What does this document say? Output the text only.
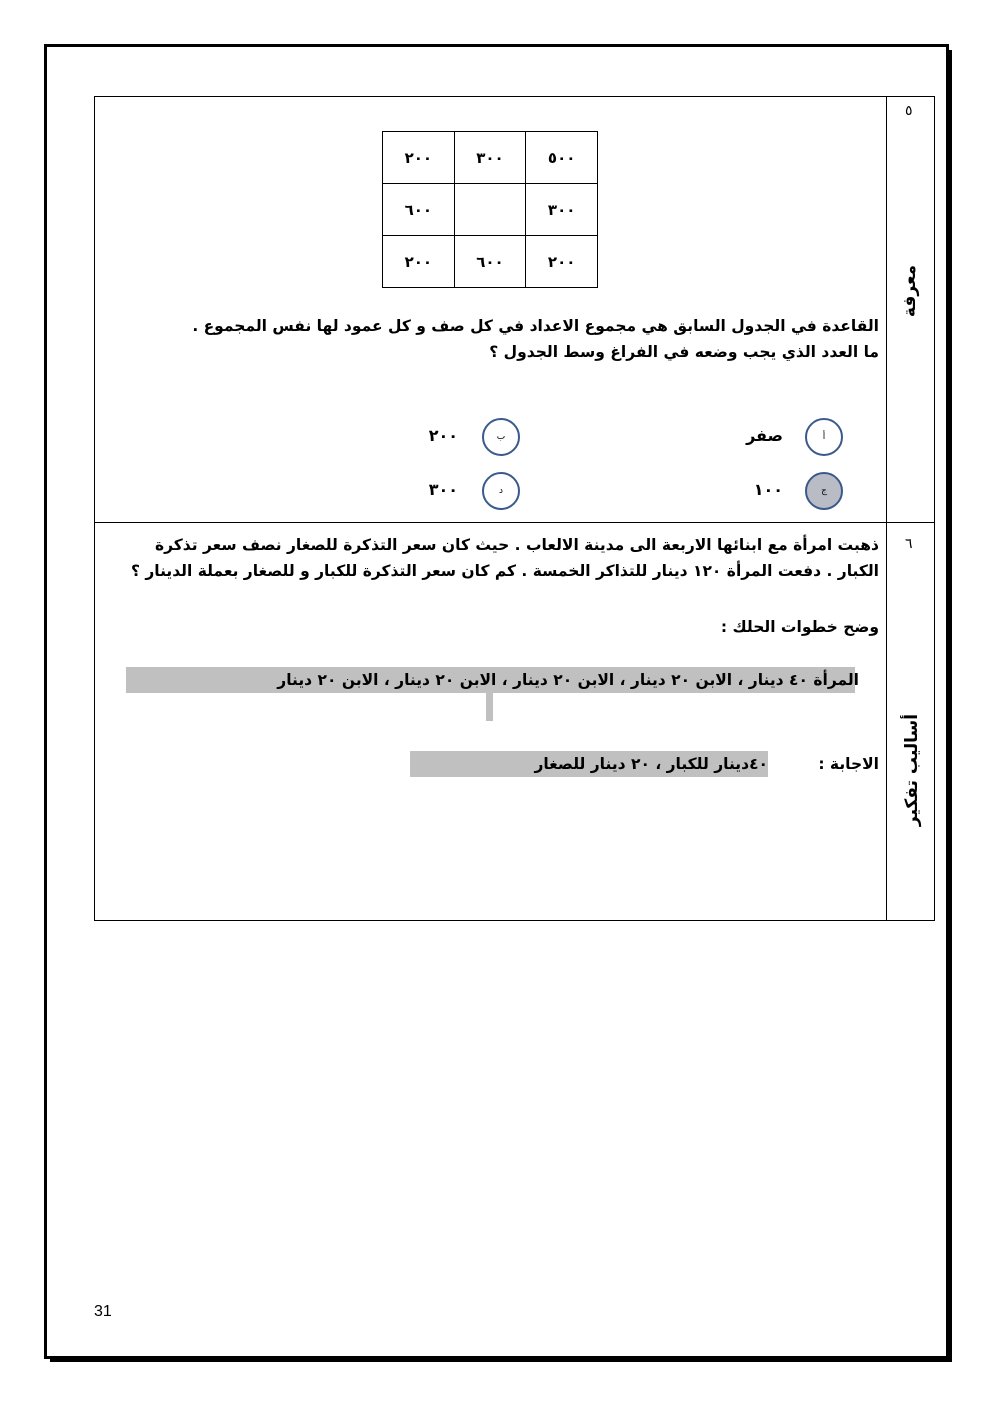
٥
معرفة
٢٠٠	٣٠٠	٥٠٠
٦٠٠		٣٠٠
٢٠٠	٦٠٠	٢٠٠
القاعدة في الجدول السابق هي مجموع الاعداد في كل صف و كل عمود لها نفس المجموع .
ما العدد الذي يجب وضعه في الفراغ وسط الجدول ؟
أ
صفر
ب
٢٠٠
ج
١٠٠
د
٣٠٠
٦
أساليب تفكير
ذهبت امرأة مع ابنائها الاربعة الى مدينة الالعاب . حيث كان سعر التذكرة للصغار نصف سعر تذكرة
الكبار . دفعت المرأة ١٢٠ دينار للتذاكر الخمسة . كم كان سعر التذكرة للكبار و للصغار بعملة الدينار ؟
وضح خطوات الحلك :
المرأة ٤٠ دينار ، الابن ٢٠ دينار ، الابن ٢٠ دينار ، الابن ٢٠ دينار ، الابن ٢٠ دينار
الاجابة :
٤٠دينار للكبار ، ٢٠ دينار للصغار
31
